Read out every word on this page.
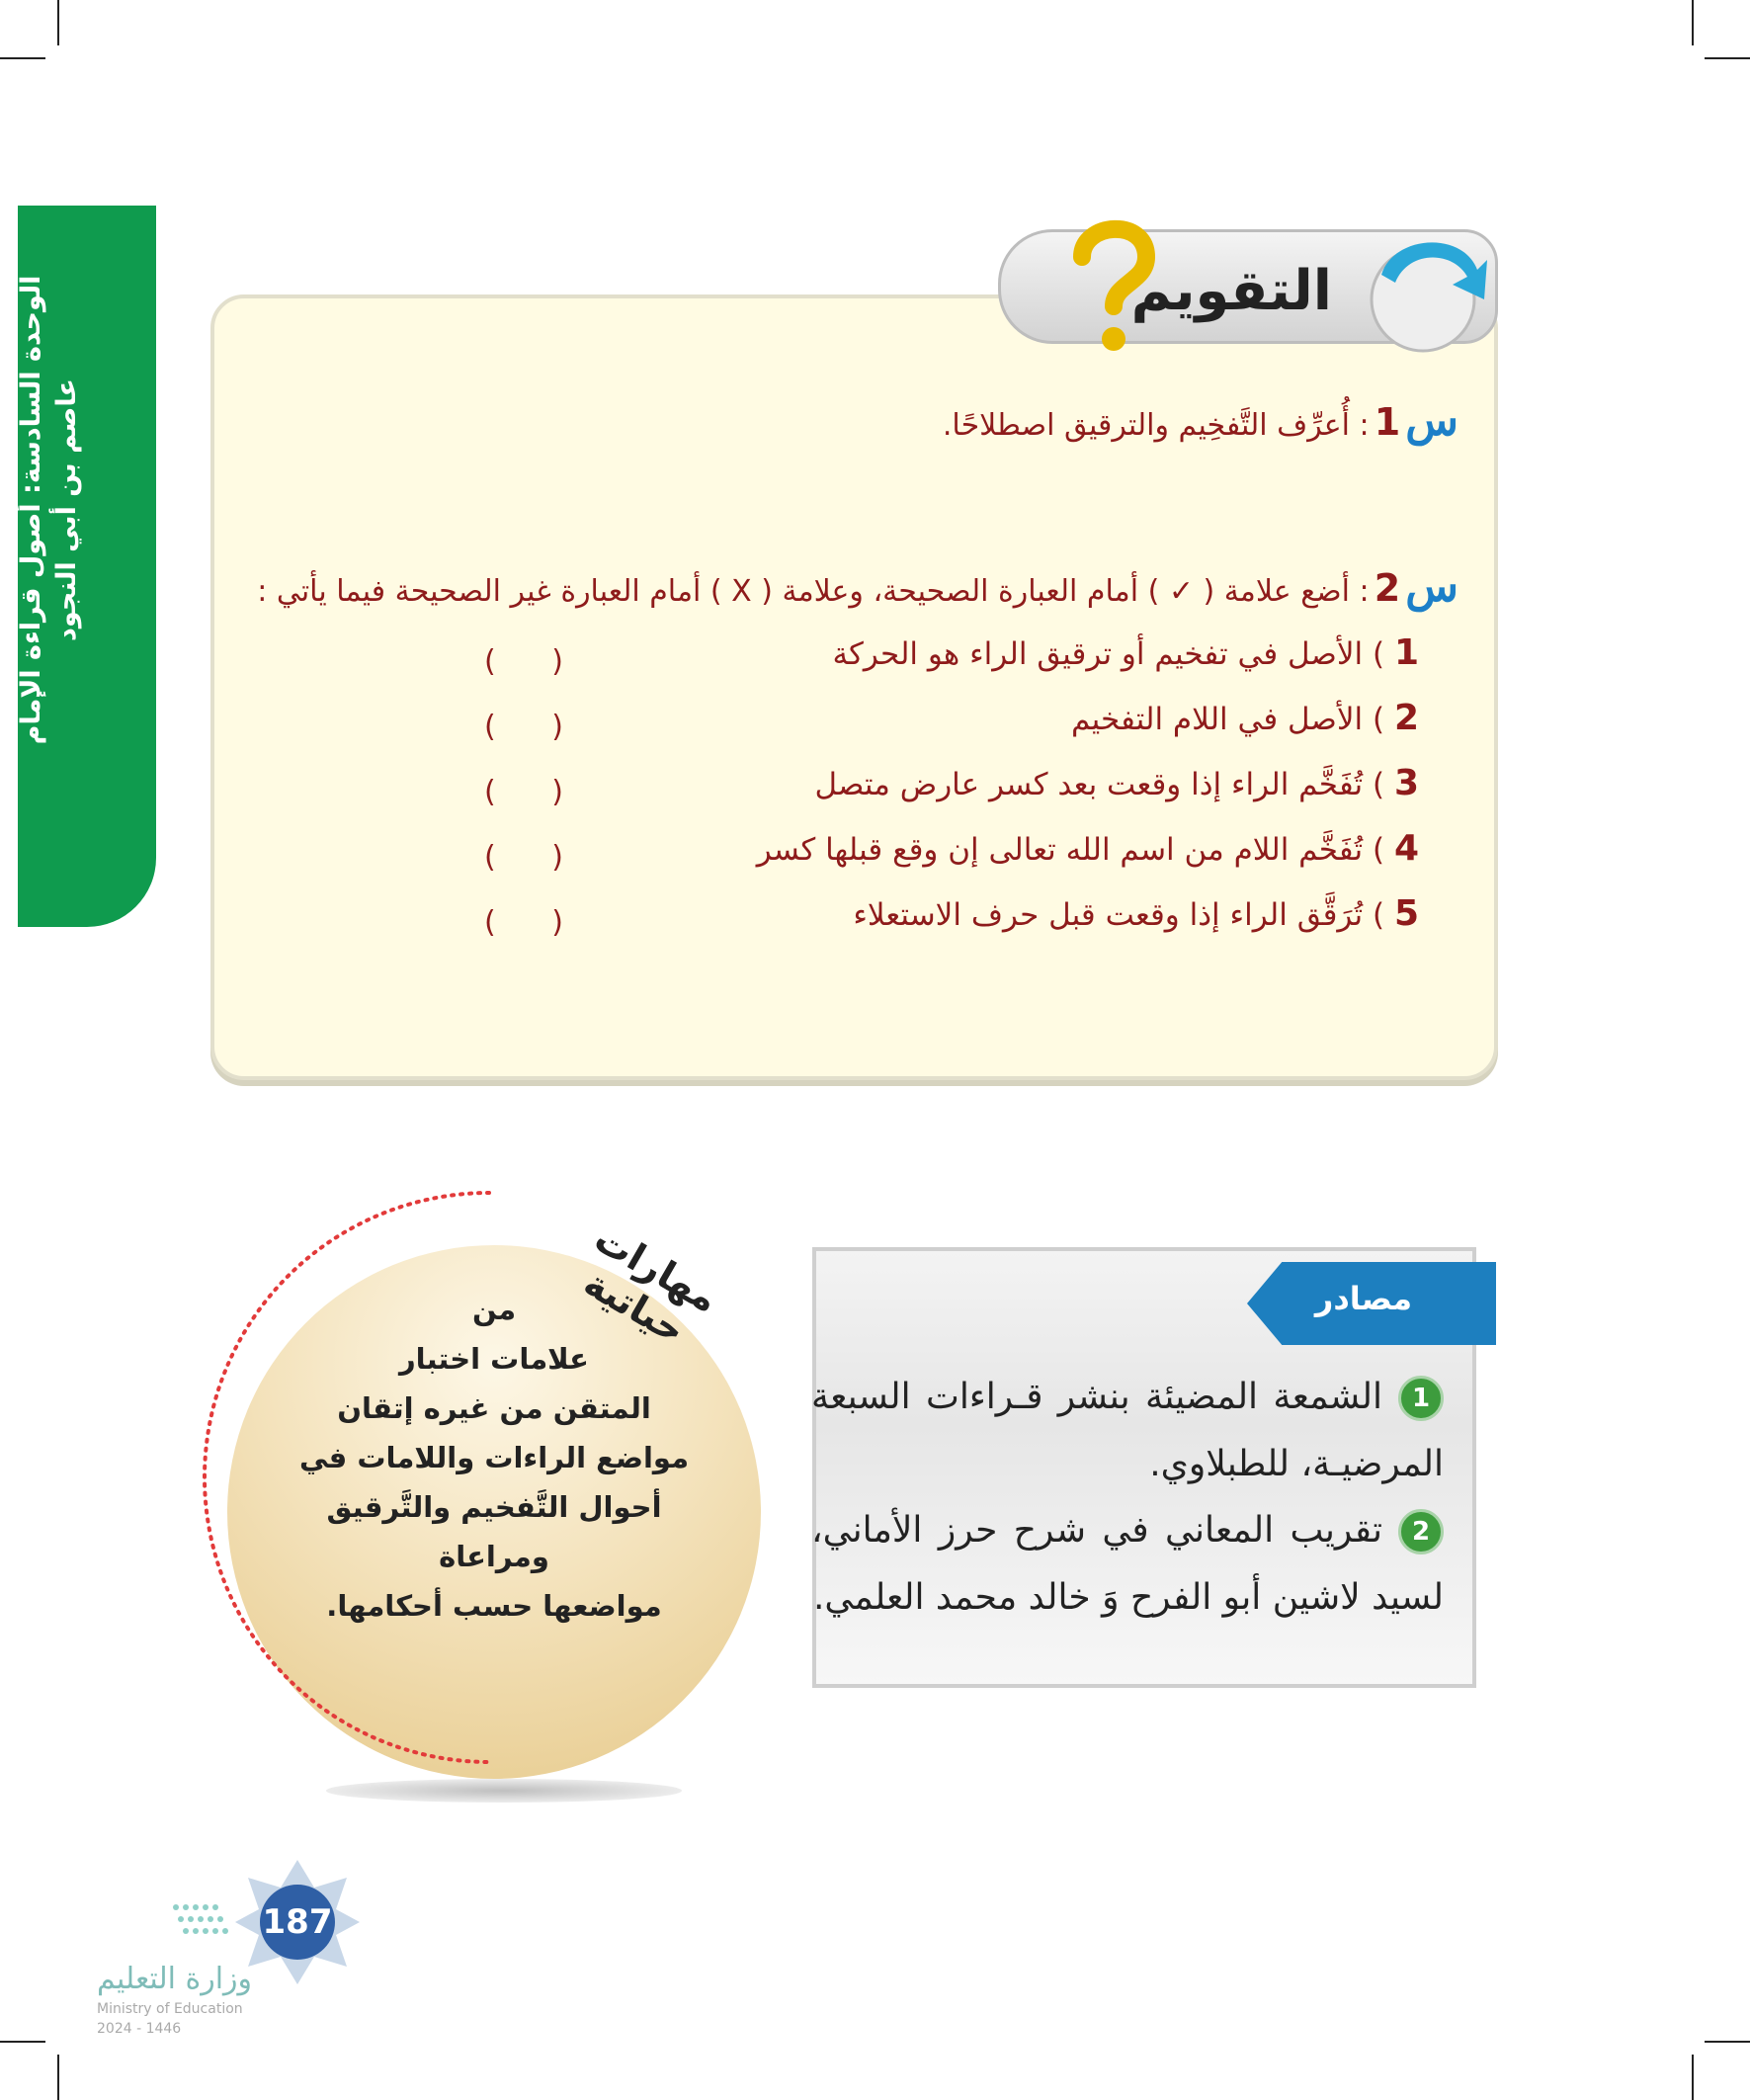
الوحدة السادسة: أصول قراءة الإمام عاصم بن أبي النجود
التقويم
س 1 : أُعرِّف التَّفخِيم والترقيق اصطلاحًا.
س 2 : أضع علامة ( ✓ ) أمام العبارة الصحيحة، وعلامة ( X ) أمام العبارة غير الصحيحة فيما يأتي :
1 ) الأصل في تفخيم أو ترقيق الراء هو الحركة
2 ) الأصل في اللام التفخيم
3 ) تُفَخَّم الراء إذا وقعت بعد كسر عارض متصل
4 ) تُفَخَّم اللام من اسم الله تعالى إن وقع قبلها كسر
5 ) تُرَقَّق الراء إذا وقعت قبل حرف الاستعلاء
( )
( )
( )
( )
( )
مهارات حياتية
من
علامات اختبار
المتقن من غيره إتقان
مواضع الراءات واللامات في
أحوال التَّفخيم والتَّرقيق ومراعاة
مواضعها حسب أحكامها.
مصادر
1الشمعة المضيئة بنشر قـراءات السبعة المرضيـة، للطبلاوي.
2تقريب المعاني في شرح حرز الأماني، لسيد لاشين أبو الفرح وَ خالد محمد العلمي.
187
وزارة التعليم
Ministry of Education
2024 - 1446
